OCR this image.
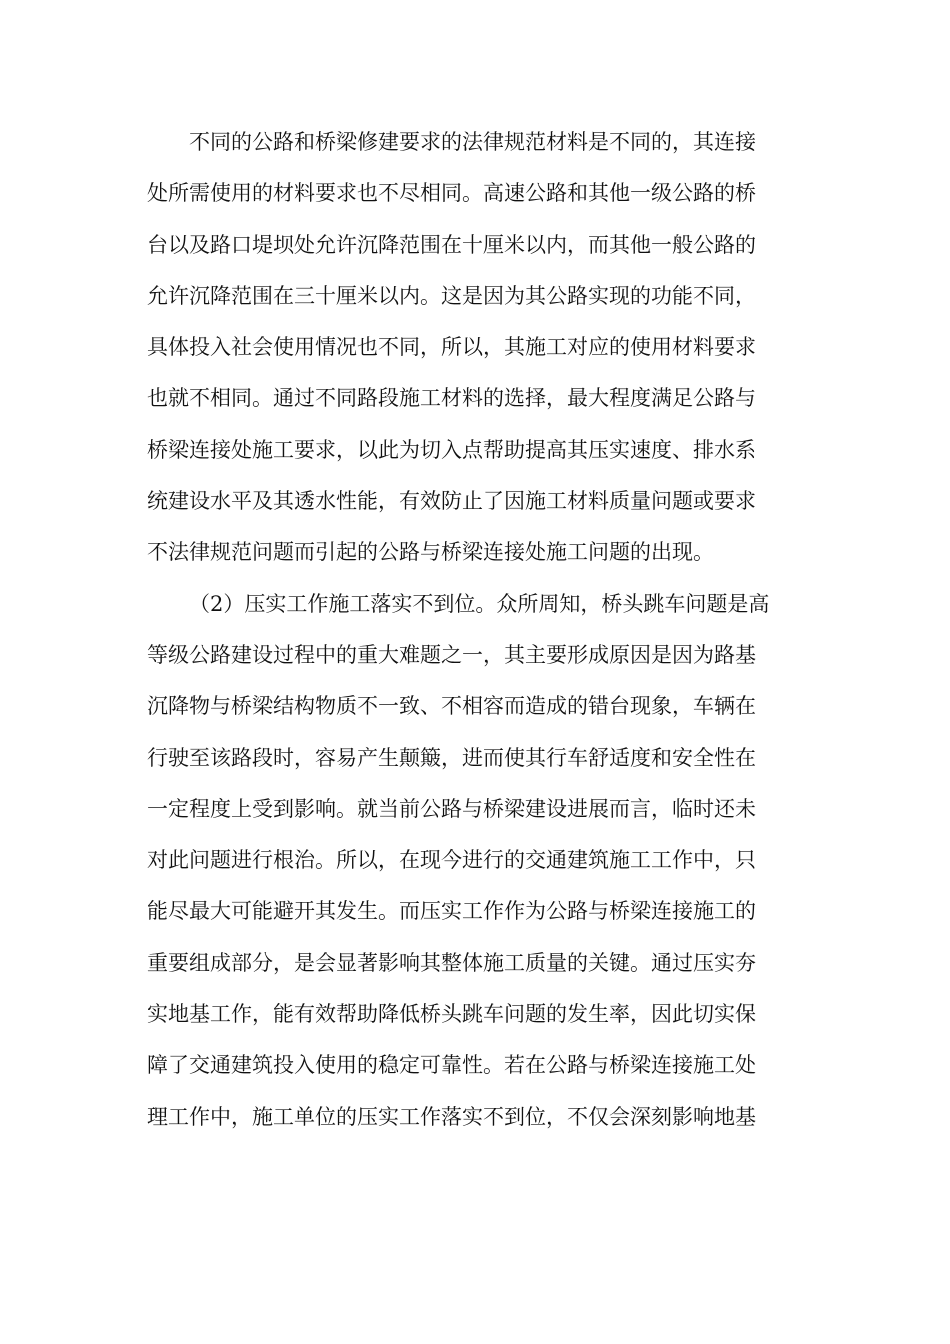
不同的公路和桥梁修建要求的法律规范材料是不同的，其连接
处所需使用的材料要求也不尽相同。高速公路和其他一级公路的桥
台以及路口堤坝处允许沉降范围在十厘米以内，而其他一般公路的
允许沉降范围在三十厘米以内。这是因为其公路实现的功能不同，
具体投入社会使用情况也不同，所以，其施工对应的使用材料要求
也就不相同。通过不同路段施工材料的选择，最大程度满足公路与
桥梁连接处施工要求，以此为切入点帮助提高其压实速度、排水系
统建设水平及其透水性能，有效防止了因施工材料质量问题或要求
不法律规范问题而引起的公路与桥梁连接处施工问题的出现。
（2）压实工作施工落实不到位。众所周知，桥头跳车问题是高
等级公路建设过程中的重大难题之一，其主要形成原因是因为路基
沉降物与桥梁结构物质不一致、不相容而造成的错台现象，车辆在
行驶至该路段时，容易产生颠簸，进而使其行车舒适度和安全性在
一定程度上受到影响。就当前公路与桥梁建设进展而言，临时还未
对此问题进行根治。所以，在现今进行的交通建筑施工工作中，只
能尽最大可能避开其发生。而压实工作作为公路与桥梁连接施工的
重要组成部分，是会显著影响其整体施工质量的关键。通过压实夯
实地基工作，能有效帮助降低桥头跳车问题的发生率，因此切实保
障了交通建筑投入使用的稳定可靠性。若在公路与桥梁连接施工处
理工作中，施工单位的压实工作落实不到位，不仅会深刻影响地基
